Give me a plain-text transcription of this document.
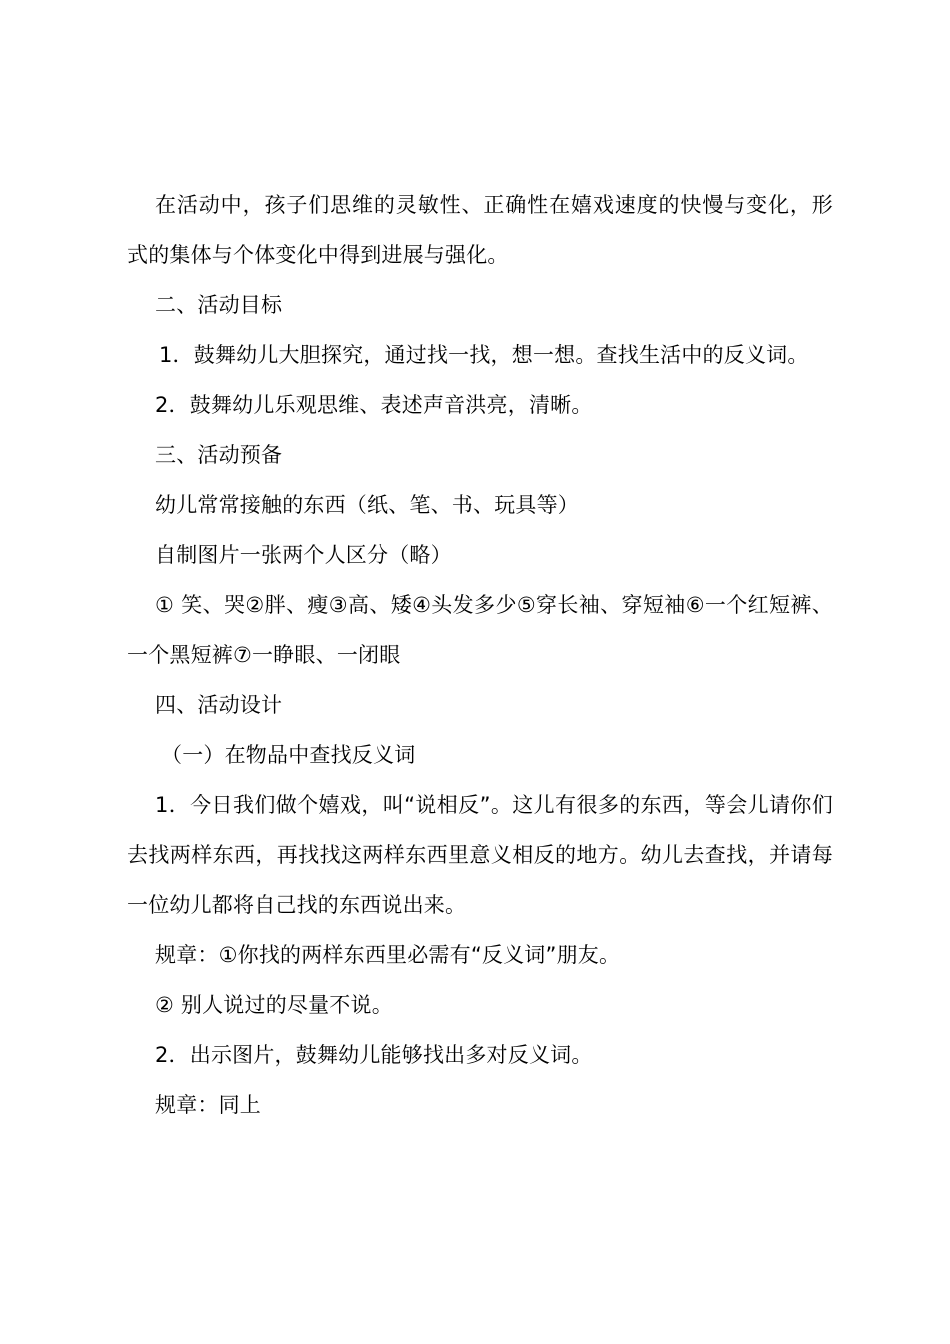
在活动中，孩子们思维的灵敏性、正确性在嬉戏速度的快慢与变化，形式的集体与个体变化中得到进展与强化。

二、活动目标

1．鼓舞幼儿大胆探究，通过找一找，想一想。查找生活中的反义词。

2．鼓舞幼儿乐观思维、表述声音洪亮，清晰。

三、活动预备

幼儿常常接触的东西（纸、笔、书、玩具等）

自制图片一张两个人区分（略）

① 笑、哭②胖、瘦③高、矮④头发多少⑤穿长袖、穿短袖⑥一个红短裤、一个黑短裤⑦一睁眼、一闭眼

四、活动设计

（一）在物品中查找反义词

1．今日我们做个嬉戏，叫“说相反”。这儿有很多的东西，等会儿请你们去找两样东西，再找找这两样东西里意义相反的地方。幼儿去查找，并请每一位幼儿都将自己找的东西说出来。

规章：①你找的两样东西里必需有“反义词”朋友。

② 别人说过的尽量不说。

2．出示图片，鼓舞幼儿能够找出多对反义词。

规章：同上
